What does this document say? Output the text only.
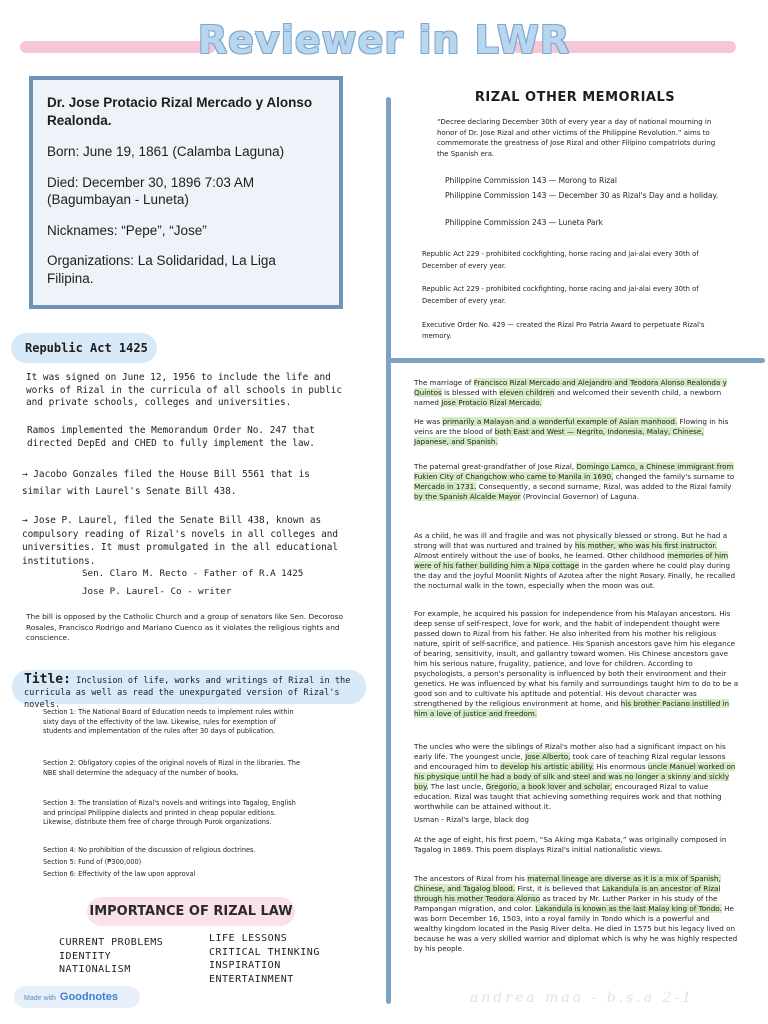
Reviewer in LWR

Dr. Jose Protacio Rizal Mercado y Alonso Realonda.

Born: June 19, 1861 (Calamba Laguna)

Died: December 30, 1896 7:03 AM (Bagumbayan - Luneta)

Nicknames: “Pepe”, “Jose”

Organizations: La Solidaridad, La Liga Filipina.

Republic Act 1425
It was signed on June 12, 1956 to include the life and works of Rizal in the curricula of all schools in public and private schools, colleges and universities.
Ramos implemented the Memorandum Order No. 247 that directed DepEd and CHED to fully implement the law.
→ Jacobo Gonzales filed the House Bill 5561 that is similar with Laurel's Senate Bill 438.
→ Jose P. Laurel, filed the Senate Bill 438, known as compulsory reading of Rizal's novels in all colleges and universities. It must promulgated in the all educational institutions.
Sen. Claro M. Recto - Father of R.A 1425
Jose P. Laurel- Co - writer
The bill is opposed by the Catholic Church and a group of senators like Sen. Decoroso Rosales, Francisco Rodrigo and Mariano Cuenco as it violates the religious rights and conscience.
Title: Inclusion of life, works and writings of Rizal in the curricula as well as read the unexpurgated version of Rizal's novels.
Section 1: The National Board of Education needs to implement rules within sixty days of the effectivity of the law. Likewise, rules for exemption of students and implementation of the rules after 30 days of publication.
Section 2: Obligatory copies of the original novels of Rizal in the libraries. The NBE shall determine the adequacy of the number of books.
Section 3: The translation of Rizal's novels and writings into Tagalog, English and principal Philippine dialects and printed in cheap popular editions. Likewise, distribute them free of charge through Purok organizations.
Section 4: No prohibition of the discussion of religious doctrines.
Section 5: Fund of (₱300,000)
Section 6: Effectivity of the law upon approval
IMPORTANCE OF RIZAL LAW
CURRENT PROBLEMS
IDENTITY
NATIONALISM
LIFE LESSONS
CRITICAL THINKING
INSPIRATION
ENTERTAINMENT
Made with Goodnotes	andrea maa - b.s.a 2-1
RIZAL OTHER MEMORIALS
“Decree declaring December 30th of every year a day of national mourning in honor of Dr. Jose Rizal and other victims of the Philippine Revolution.” aims to commemorate the greatness of Jose Rizal and other Filipino compatriots during the Spanish era.
Philippine Commission 143 — Morong to Rizal
Philippine Commission 143 — December 30 as Rizal's Day and a holiday.
Philippine Commission 243 — Luneta Park
Republic Act 229 - prohibited cockfighting, horse racing and jai-alai every 30th of December of every year.
Republic Act 229 - prohibited cockfighting, horse racing and jai-alai every 30th of December of every year.
Executive Order No. 429 — created the Rizal Pro Patria Award to perpetuate Rizal's memory.
The marriage of Francisco Rizal Mercado and Alejandro and Teodora Alonso Realonda y Quintos is blessed with eleven children and welcomed their seventh child, a newborn named Jose Protacio Rizal Mercado.
He was primarily a Malayan and a wonderful example of Asian manhood. Flowing in his veins are the blood of both East and West — Negrito, Indonesia, Malay, Chinese, Japanese, and Spanish.
The paternal great-grandfather of Jose Rizal, Domingo Lamco, a Chinese immigrant from Fukien City of Changchow who came to Manila in 1690, changed the family's surname to Mercado in 1731. Consequently, a second surname, Rizal, was added to the Rizal family by the Spanish Alcalde Mayor (Provincial Governor) of Laguna.
As a child, he was ill and fragile and was not physically blessed or strong. But he had a strong will that was nurtured and trained by his mother, who was his first instructor. Almost entirely without the use of books, he learned. Other childhood memories of him were of his father building him a Nipa cottage in the garden where he could play during the day and the joyful Moonlit Nights of Azotea after the night Rosary. Finally, he recalled the nocturnal walk in the town, especially when the moon was out.
For example, he acquired his passion for independence from his Malayan ancestors. His deep sense of self-respect, love for work, and the habit of independent thought were passed down to Rizal from his father. He also inherited from his mother his religious nature, spirit of self-sacrifice, and patience. His Spanish ancestors gave him his elegance of bearing, sensitivity, insult, and gallantry toward women. His Chinese ancestors gave him his serious nature, frugality, patience, and love for children. According to psychologists, a person's personality is influenced by both their environment and their genetics. He was influenced by what his family and surroundings taught him to do to be a good son and to cultivate his aptitude and potential. His devout character was strengthened by the religious environment at home, and his brother Paciano instilled in him a love of justice and freedom.
The uncles who were the siblings of Rizal's mother also had a significant impact on his early life. The youngest uncle, Jose Alberto, took care of teaching Rizal regular lessons and encouraged him to develop his artistic ability. His enormous uncle Manuel worked on his physique until he had a body of silk and steel and was no longer a skinny and sickly boy. The last uncle, Gregorio, a book lover and scholar, encouraged Rizal to value education. Rizal was taught that achieving something requires work and that nothing worthwhile can be attained without it.
Usman - Rizal's large, black dog
At the age of eight, his first poem, “Sa Aking mga Kabata,” was originally composed in Tagalog in 1869. This poem displays Rizal's initial nationalistic views.
The ancestors of Rizal from his maternal lineage are diverse as it is a mix of Spanish, Chinese, and Tagalog blood. First, it is believed that Lakandula is an ancestor of Rizal through his mother Teodora Alonso as traced by Mr. Luther Parker in his study of the Pampangan migration, and color. Lakandula is known as the last Malay king of Tondo. He was born December 16, 1503, into a royal family in Tondo which is a powerful and wealthy kingdom located in the Pasig River delta. He died in 1575 but his legacy lived on because he was a very skilled warrior and diplomat which is why he was highly respected by his people.
